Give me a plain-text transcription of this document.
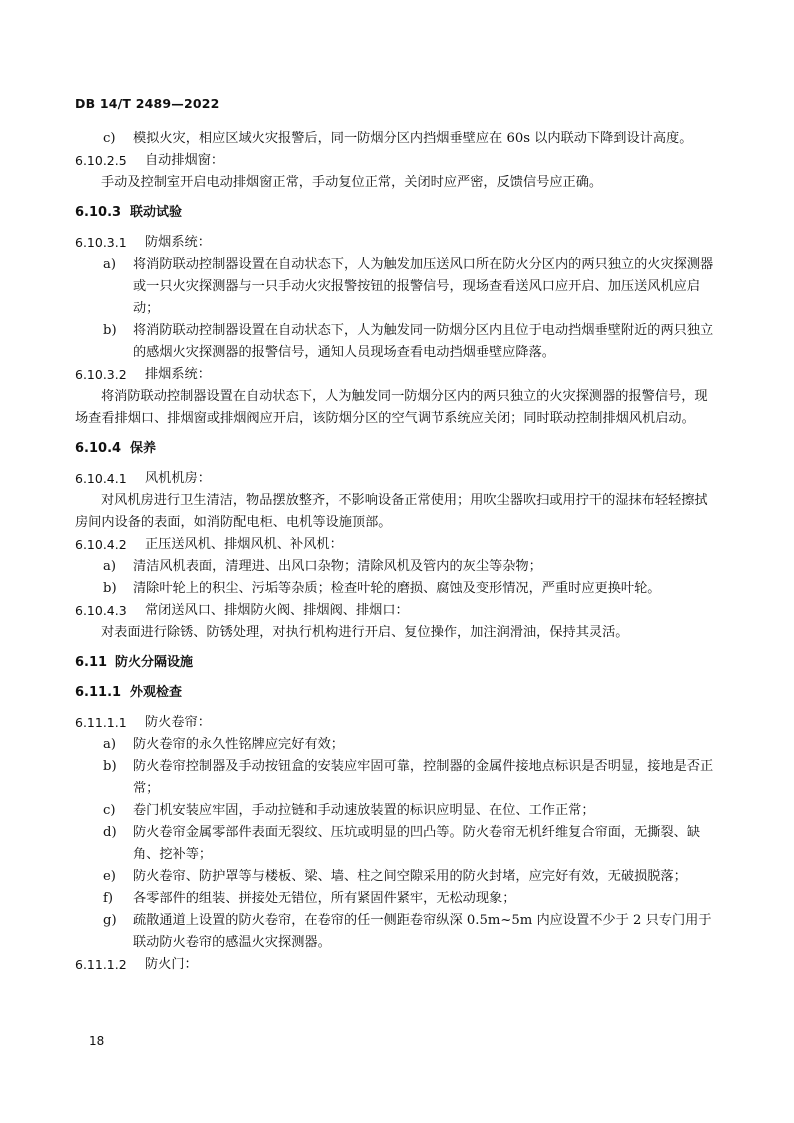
DB 14/T 2489—2022
c)	模拟火灾，相应区域火灾报警后，同一防烟分区内挡烟垂壁应在 60s 以内联动下降到设计高度。
6.10.2.5	自动排烟窗：
手动及控制室开启电动排烟窗正常，手动复位正常，关闭时应严密，反馈信号应正确。
6.10.3 联动试验
6.10.3.1	防烟系统：
a)	将消防联动控制器设置在自动状态下，人为触发加压送风口所在防火分区内的两只独立的火灾探测器或一只火灾探测器与一只手动火灾报警按钮的报警信号，现场查看送风口应开启、加压送风机应启动；
b)	将消防联动控制器设置在自动状态下，人为触发同一防烟分区内且位于电动挡烟垂壁附近的两只独立的感烟火灾探测器的报警信号，通知人员现场查看电动挡烟垂壁应降落。
6.10.3.2	排烟系统：
将消防联动控制器设置在自动状态下，人为触发同一防烟分区内的两只独立的火灾探测器的报警信号，现场查看排烟口、排烟窗或排烟阀应开启，该防烟分区的空气调节系统应关闭；同时联动控制排烟风机启动。
6.10.4 保养
6.10.4.1	风机机房：
对风机房进行卫生清洁，物品摆放整齐，不影响设备正常使用；用吹尘器吹扫或用拧干的湿抹布轻轻擦拭房间内设备的表面，如消防配电柜、电机等设施顶部。
6.10.4.2	正压送风机、排烟风机、补风机：
a)	清洁风机表面，清理进、出风口杂物；清除风机及管内的灰尘等杂物；
b)	清除叶轮上的积尘、污垢等杂质；检查叶轮的磨损、腐蚀及变形情况，严重时应更换叶轮。
6.10.4.3	常闭送风口、排烟防火阀、排烟阀、排烟口：
对表面进行除锈、防锈处理，对执行机构进行开启、复位操作，加注润滑油，保持其灵活。
6.11 防火分隔设施
6.11.1 外观检查
6.11.1.1	防火卷帘：
a)	防火卷帘的永久性铭牌应完好有效；
b)	防火卷帘控制器及手动按钮盒的安装应牢固可靠，控制器的金属件接地点标识是否明显，接地是否正常；
c)	卷门机安装应牢固，手动拉链和手动速放装置的标识应明显、在位、工作正常；
d)	防火卷帘金属零部件表面无裂纹、压坑或明显的凹凸等。防火卷帘无机纤维复合帘面，无撕裂、缺角、挖补等；
e)	防火卷帘、防护罩等与楼板、梁、墙、柱之间空隙采用的防火封堵，应完好有效，无破损脱落；
f)	各零部件的组装、拼接处无错位，所有紧固件紧牢，无松动现象；
g)	疏散通道上设置的防火卷帘，在卷帘的任一侧距卷帘纵深 0.5m~5m 内应设置不少于 2 只专门用于联动防火卷帘的感温火灾探测器。
6.11.1.2	防火门：
18
